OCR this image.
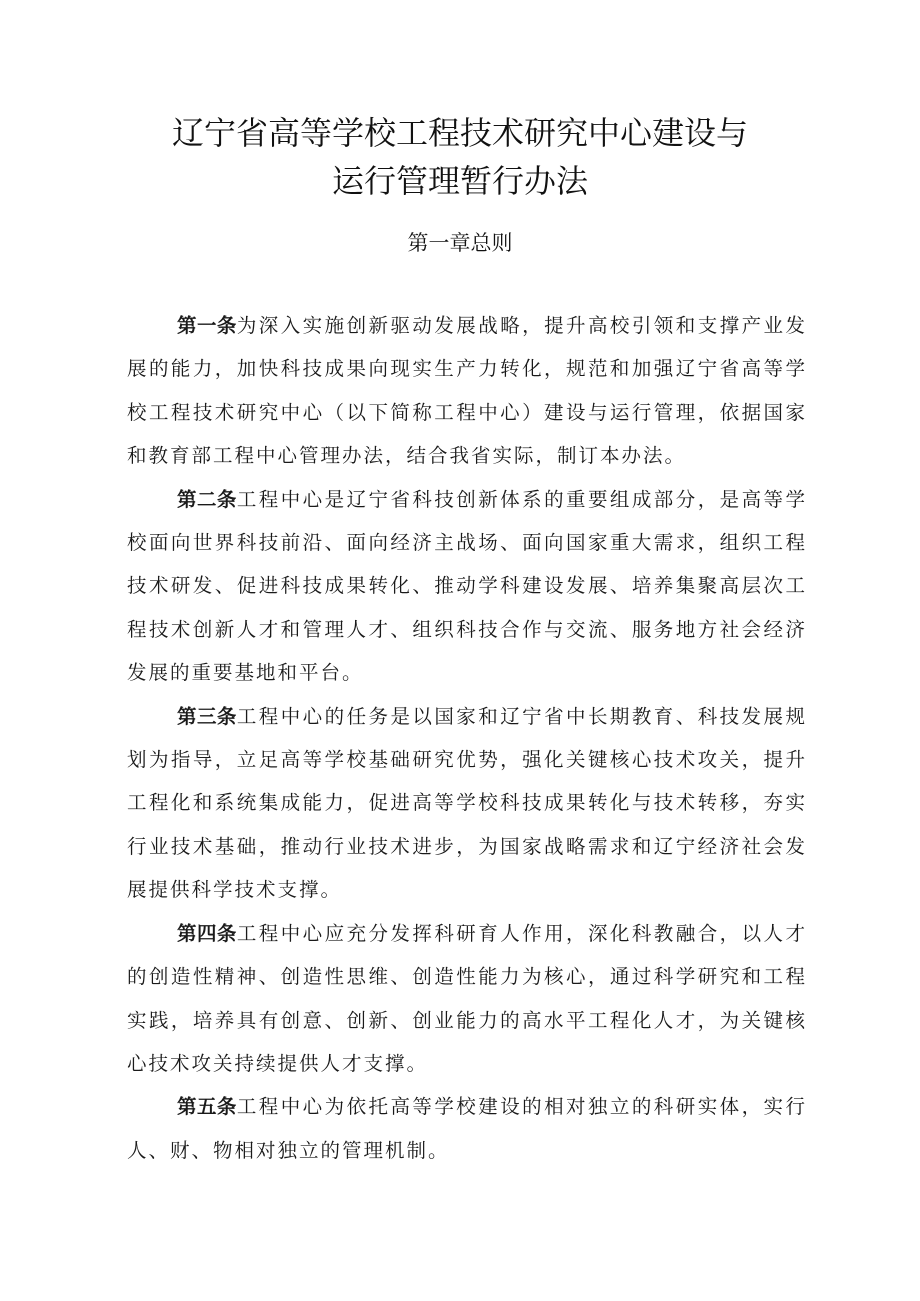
辽宁省高等学校工程技术研究中心建设与
运行管理暂行办法
第一章总则

第一条为深入实施创新驱动发展战略，提升高校引领和支撑产业发展的能力，加快科技成果向现实生产力转化，规范和加强辽宁省高等学校工程技术研究中心（以下简称工程中心）建设与运行管理，依据国家和教育部工程中心管理办法，结合我省实际，制订本办法。

第二条工程中心是辽宁省科技创新体系的重要组成部分，是高等学校面向世界科技前沿、面向经济主战场、面向国家重大需求，组织工程技术研发、促进科技成果转化、推动学科建设发展、培养集聚高层次工程技术创新人才和管理人才、组织科技合作与交流、服务地方社会经济发展的重要基地和平台。

第三条工程中心的任务是以国家和辽宁省中长期教育、科技发展规划为指导，立足高等学校基础研究优势，强化关键核心技术攻关，提升工程化和系统集成能力，促进高等学校科技成果转化与技术转移，夯实行业技术基础，推动行业技术进步，为国家战略需求和辽宁经济社会发展提供科学技术支撑。

第四条工程中心应充分发挥科研育人作用，深化科教融合，以人才的创造性精神、创造性思维、创造性能力为核心，通过科学研究和工程实践，培养具有创意、创新、创业能力的高水平工程化人才，为关键核心技术攻关持续提供人才支撑。

第五条工程中心为依托高等学校建设的相对独立的科研实体，实行人、财、物相对独立的管理机制。
